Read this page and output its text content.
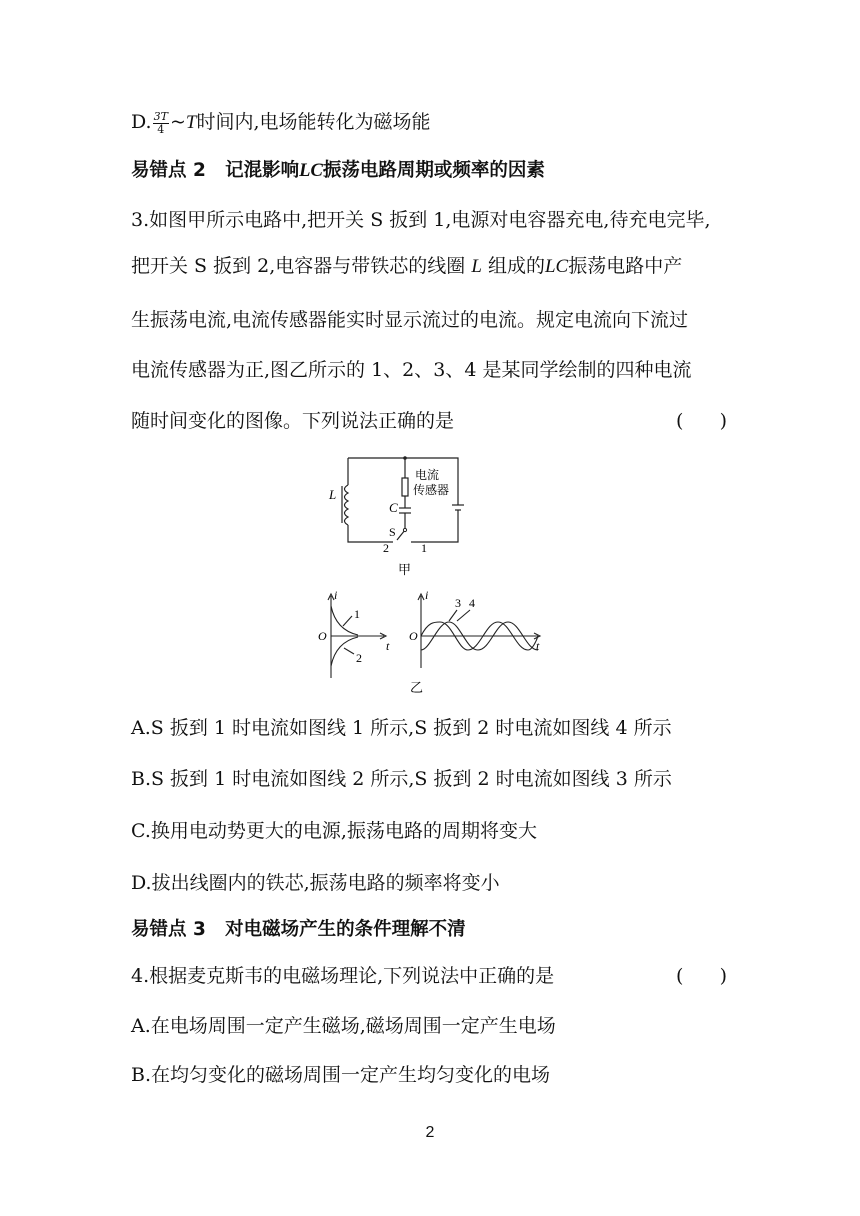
D. $\frac{3T}{4}$ ~T时间内,电场能转化为磁场能
易错点 2 记混影响LC振荡电路周期或频率的因素
3.如图甲所示电路中,把开关 S 扳到 1,电源对电容器充电,待充电完毕,
把开关 S 扳到 2,电容器与带铁芯的线圈 L 组成的LC振荡电路中产
生振荡电流,电流传感器能实时显示流过的电流。规定电流向下流过
电流传感器为正,图乙所示的 1、2、3、4 是某同学绘制的四种电流
随时间变化的图像。下列说法正确的是	(      )
电流
传感器
L
C
S
2	1
甲
i
t
O
1
2
i
t
O
3 4
乙
A.S 扳到 1 时电流如图线 1 所示,S 扳到 2 时电流如图线 4 所示
B.S 扳到 1 时电流如图线 2 所示,S 扳到 2 时电流如图线 3 所示
C.换用电动势更大的电源,振荡电路的周期将变大
D.拔出线圈内的铁芯,振荡电路的频率将变小
易错点 3 对电磁场产生的条件理解不清
4.根据麦克斯韦的电磁场理论,下列说法中正确的是	(      )
A.在电场周围一定产生磁场,磁场周围一定产生电场
B.在均匀变化的磁场周围一定产生均匀变化的电场
2
